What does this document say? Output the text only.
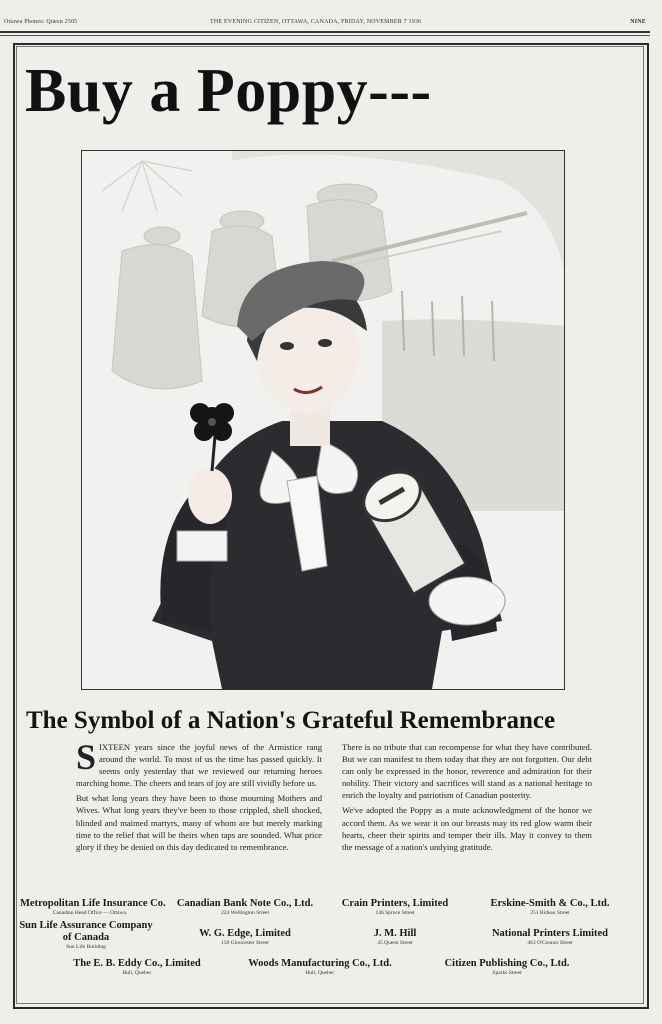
Ottawa Phones: Queen 2505	THE EVENING CITIZEN, OTTAWA, CANADA, FRIDAY, NOVEMBER 7 1936	NINE
Buy a Poppy---
The Symbol of a Nation's Grateful Remembrance

SIXTEEN years since the joyful news of the Armistice rang around the world. To most of us the time has passed quickly. It seems only yesterday that we reviewed our returning heroes marching home. The cheers and tears of joy are still vividly before us.

But what long years they have been to those mourning Mothers and Wives. What long years they've been to those crippled, shell shocked, blinded and maimed martyrs, many of whom are but merely marking time to the relief that will be theirs when taps are sounded. What price glory if they be denied on this day dedicated to remembrance.

There is no tribute that can recompense for what they have contributed. But we can manifest to them today that they are not forgotten. Our debt can only be expressed in the honor, reverence and admiration for their nobility. Their victory and sacrifices will stand as a national heritage to enrich the loyalty and patriotism of Canadian posterity.

We've adopted the Poppy as a mute acknowledgment of the honor we accord them. As we wear it on our breasts may its red glow warm their hearts, cheer their spirits and temper their ills. May it convey to them the message of a nation's undying gratitude.

Metropolitan Life Insurance Co.
Canadian Head Office — Ottawa.
Sun Life Assurance Company of Canada
Sun Life Building
The E. B. Eddy Co., Limited
Hull, Quebec
Canadian Bank Note Co., Ltd.
224 Wellington Street
W. G. Edge, Limited
150 Gloucester Street
Woods Manufacturing Co., Ltd.
Hull, Quebec
Crain Printers, Limited
146 Spruce Street
J. M. Hill
45 Queen Street
Citizen Publishing Co., Ltd.
Sparks Street
Erskine-Smith & Co., Ltd.
251 Rideau Street
National Printers Limited
463 O'Connor Street
